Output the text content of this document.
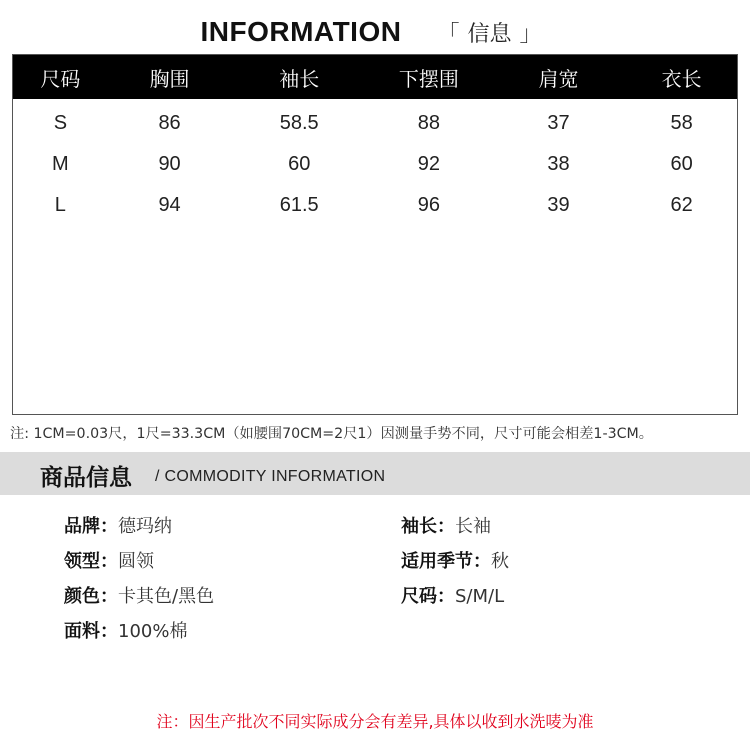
INFORMATION	「 信息 」
尺码	胸围	袖长	下摆围	肩宽	衣长
S	86	58.5	88	37	58
M	90	60	92	38	60
L	94	61.5	96	39	62
注: 1CM=0.03尺，1尺=33.3CM（如腰围70CM=2尺1）因测量手势不同，尺寸可能会相差1-3CM。
商品信息 / COMMODITY INFORMATION
品牌：德玛纳	袖长：长袖
领型：圆领	适用季节：秋
颜色：卡其色/黑色	尺码：S/M/L
面料：100%棉
注：因生产批次不同实际成分会有差异,具体以收到水洗唛为准
